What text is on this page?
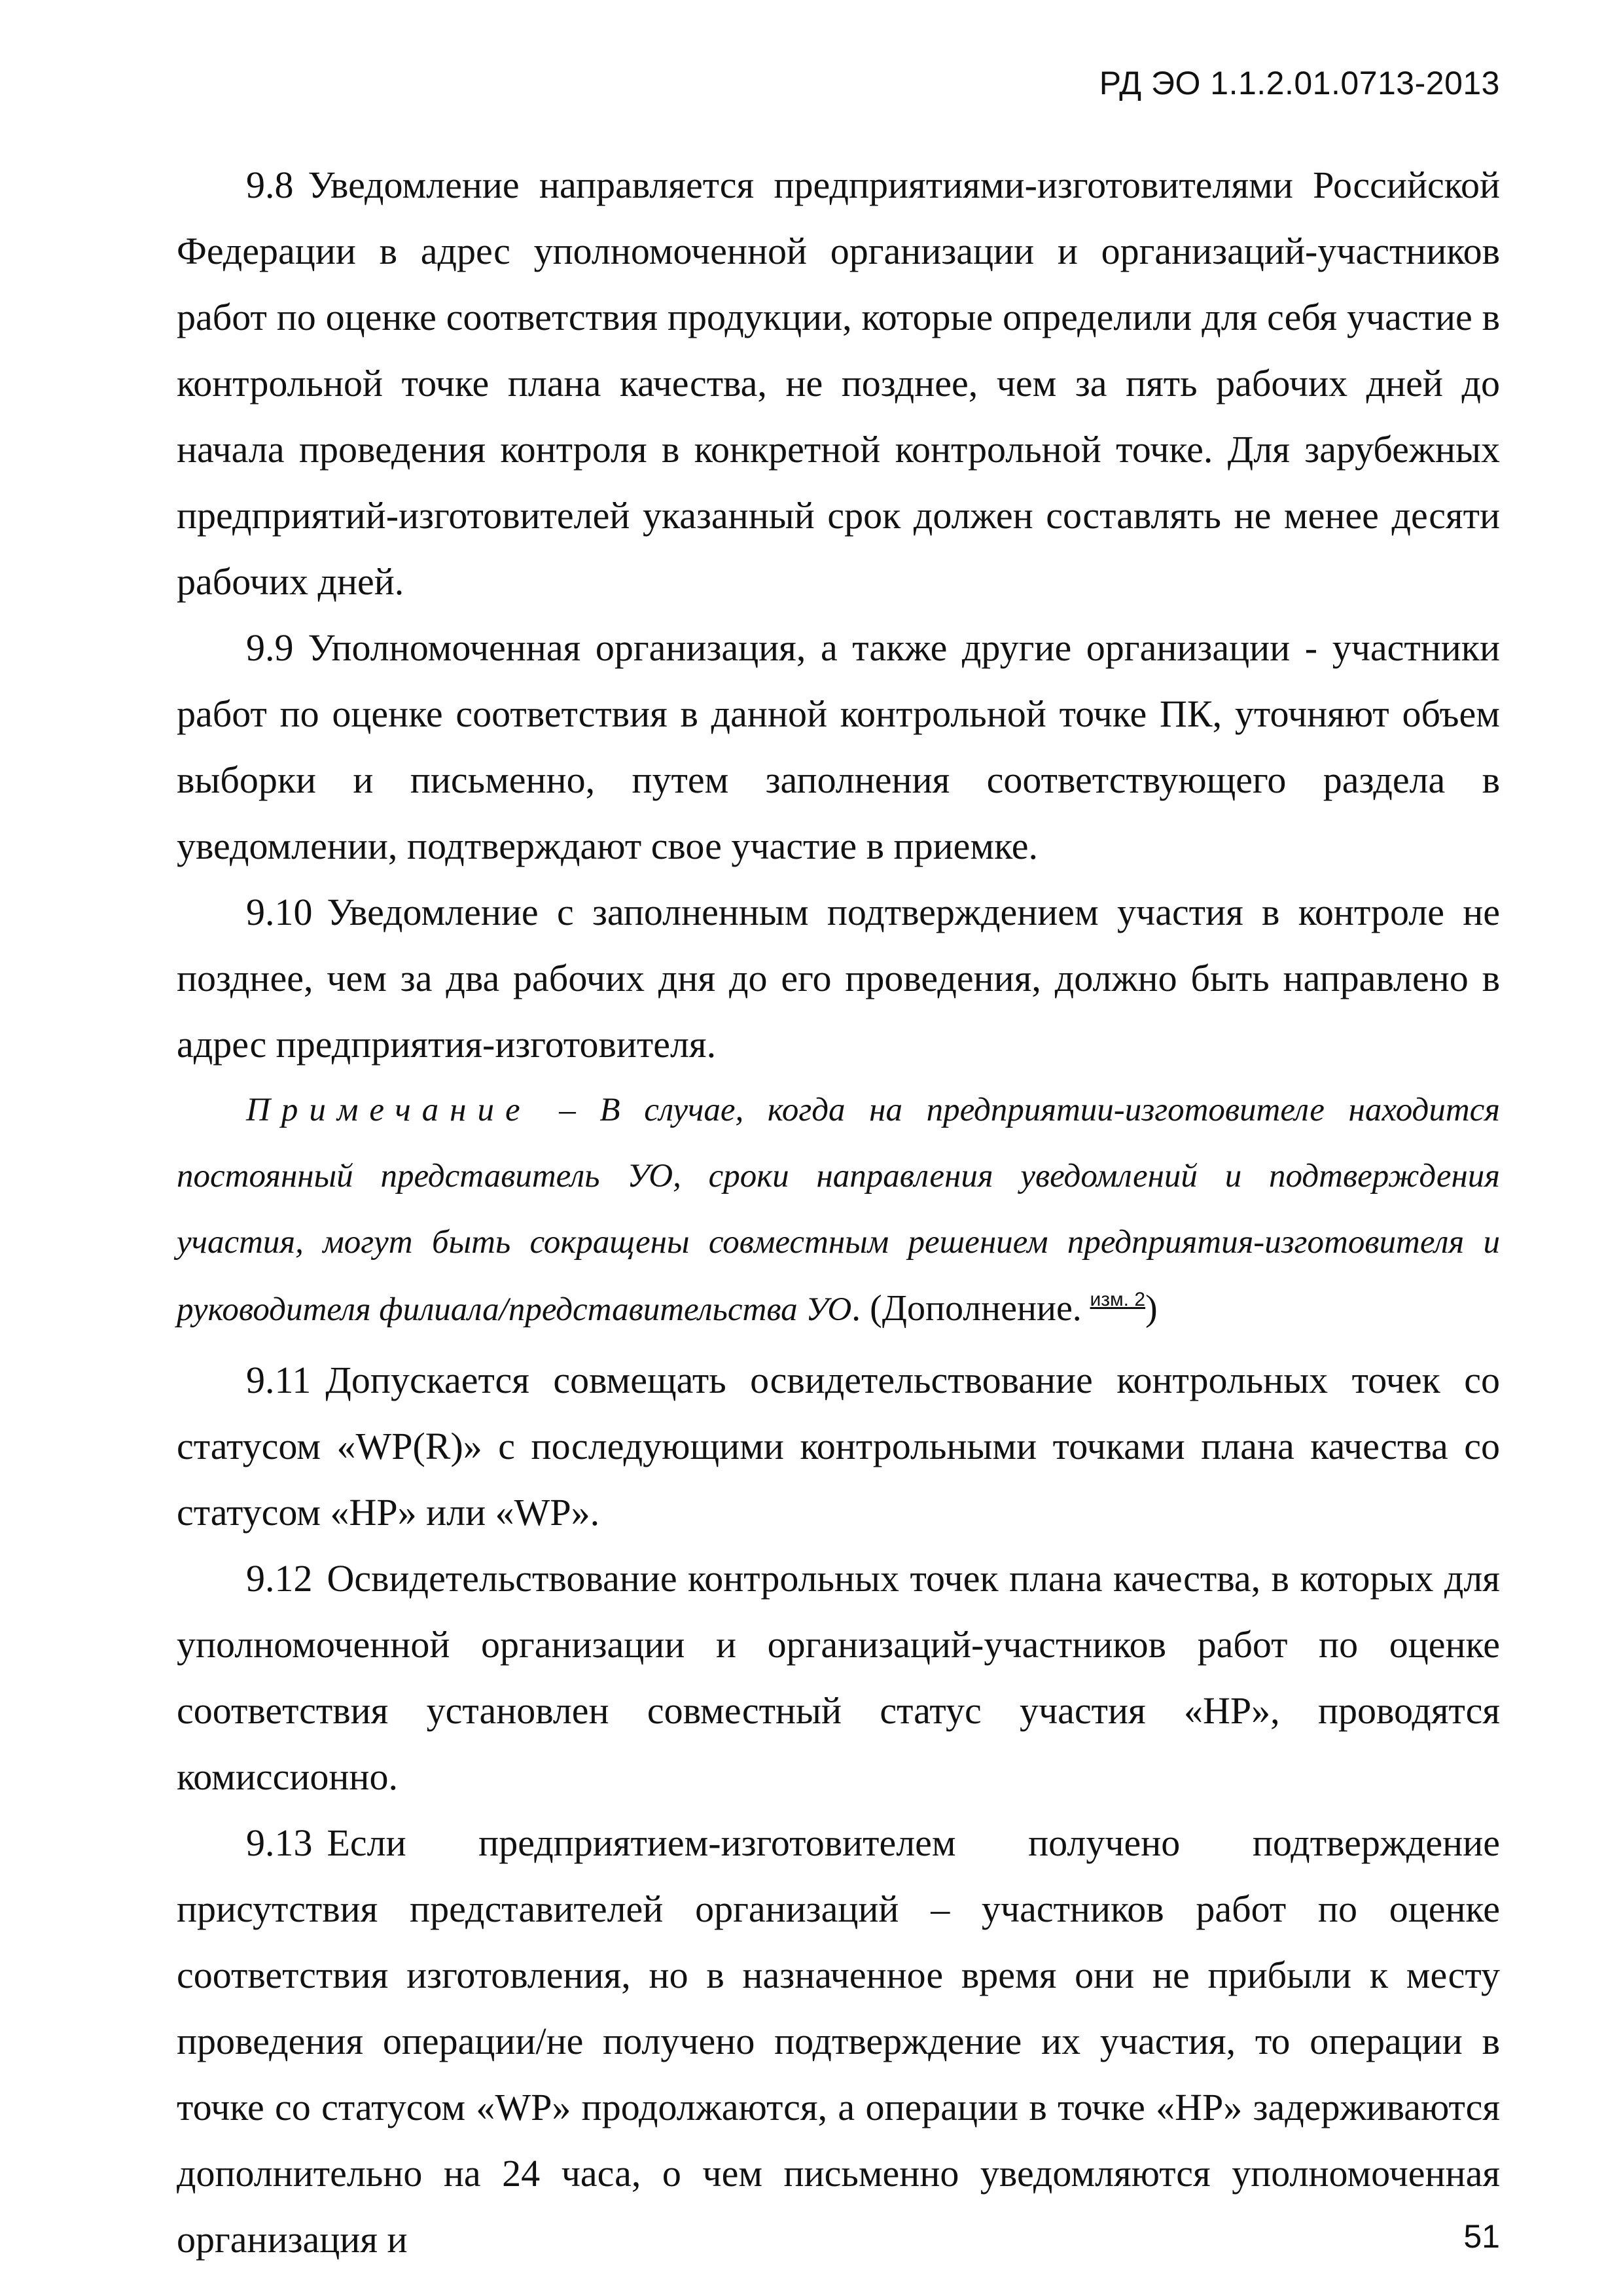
РД ЭО 1.1.2.01.0713-2013

9.8 Уведомление направляется предприятиями-изготовителями Российской Федерации в адрес уполномоченной организации и организаций-участников работ по оценке соответствия продукции, которые определили для себя участие в контрольной точке плана качества, не позднее, чем за пять рабочих дней до начала проведения контроля в конкретной контрольной точке. Для зарубежных предприятий-изготовителей указанный срок должен составлять не менее десяти рабочих дней.

9.9 Уполномоченная организация, а также другие организации - участники работ по оценке соответствия в данной контрольной точке ПК, уточняют объем выборки и письменно, путем заполнения соответствующего раздела в уведомлении, подтверждают свое участие в приемке.

9.10 Уведомление с заполненным подтверждением участия в контроле не позднее, чем за два рабочих дня до его проведения, должно быть направлено в адрес предприятия-изготовителя.

Примечание – В случае, когда на предприятии-изготовителе находится постоянный представитель УО, сроки направления уведомлений и подтверждения участия, могут быть сокращены совместным решением предприятия-изготовителя и руководителя филиала/представительства УО. (Дополнение. $^{изм. 2}$)

9.11 Допускается совмещать освидетельствование контрольных точек со статусом «WP(R)» с последующими контрольными точками плана качества со статусом «HP» или «WP».

9.12 Освидетельствование контрольных точек плана качества, в которых для уполномоченной организации и организаций-участников работ по оценке соответствия установлен совместный статус участия «HP», проводятся комиссионно.

9.13 Если предприятием-изготовителем получено подтверждение присутствия представителей организаций – участников работ по оценке соответствия изготовления, но в назначенное время они не прибыли к месту проведения операции/не получено подтверждение их участия, то операции в точке со статусом «WP» продолжаются, а операции в точке «HP» задерживаются дополнительно на 24 часа, о чем письменно уведомляются уполномоченная организация и	51
